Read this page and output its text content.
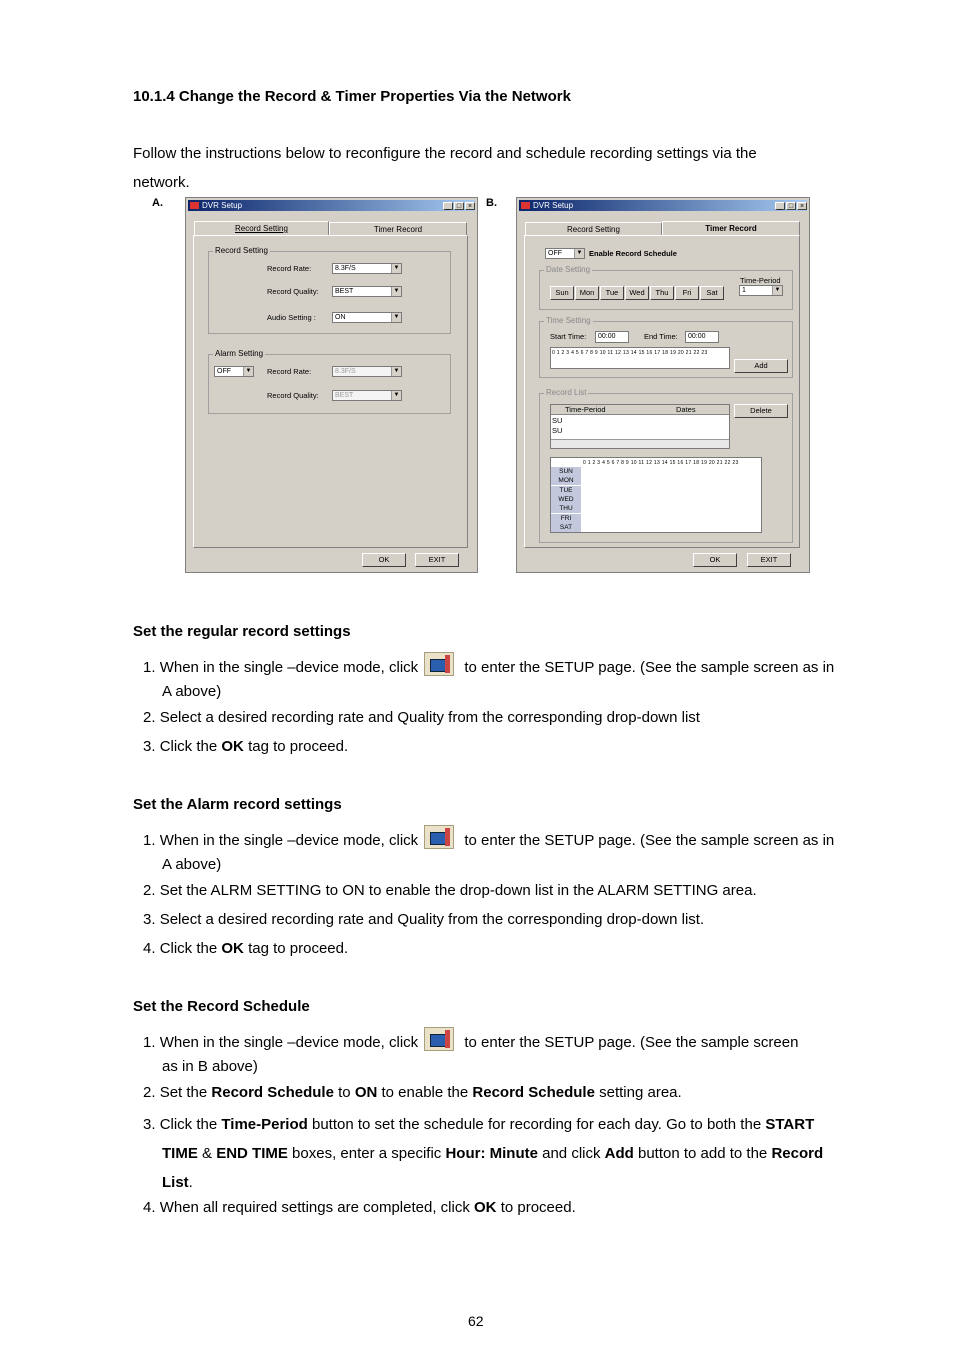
10.1.4 Change the Record & Timer Properties Via the Network
Follow the instructions below to reconfigure the record and schedule recording settings via the
network.
A.	B.
DVR Setup	_ □ ×
Record Setting	Timer Record
Record Setting
Record Rate:	8.3F/S	▼
Record Quality:	BEST	▼
Audio Setting :	ON	▼
Alarm Setting
OFF	▼ Record Rate:	8.3F/S	▼
Record Quality:	BEST	▼
OK	EXIT
DVR Setup	_ □ ×
Record Setting	Timer Record
OFF	▼ Enable Record Schedule
Date Setting
Sun	Mon	Tue	Wed	Thu	Fri	Sat
Time-Period
1	▼
Time Setting
Start Time:	00:00	End Time:	00:00
0 1 2 3 4 5 6 7 8 9 10 11 12 13 14 15 16 17 18 19 20 21 22 23
Add
Record List
Time-Period	Dates
SU
SU
Delete
0 1 2 3 4 5 6 7 8 9 10 11 12 13 14 15 16 17 18 19 20 21 22 23
SUN
MON
TUE
WED
THU
FRI
SAT
OK	EXIT
Set the regular record settings
1. When in the single –device mode, click	to enter the SETUP page. (See the sample screen as in
A above)
2. Select a desired recording rate and Quality from the corresponding drop-down list
3. Click the OK tag to proceed.
Set the Alarm record settings
1. When in the single –device mode, click	to enter the SETUP page. (See the sample screen as in
A above)
2. Set the ALRM SETTING to ON to enable the drop-down list in the ALARM SETTING area.
3. Select a desired recording rate and Quality from the corresponding drop-down list.
4. Click the OK tag to proceed.
Set the Record Schedule
1. When in the single –device mode, click	to enter the SETUP page. (See the sample screen
as in B above)
2. Set the Record Schedule to ON to enable the Record Schedule setting area.
3. Click the Time-Period button to set the schedule for recording for each day. Go to both the START
TIME & END TIME boxes, enter a specific Hour: Minute and click Add button to add to the Record
List.
4. When all required settings are completed, click OK to proceed.
62
